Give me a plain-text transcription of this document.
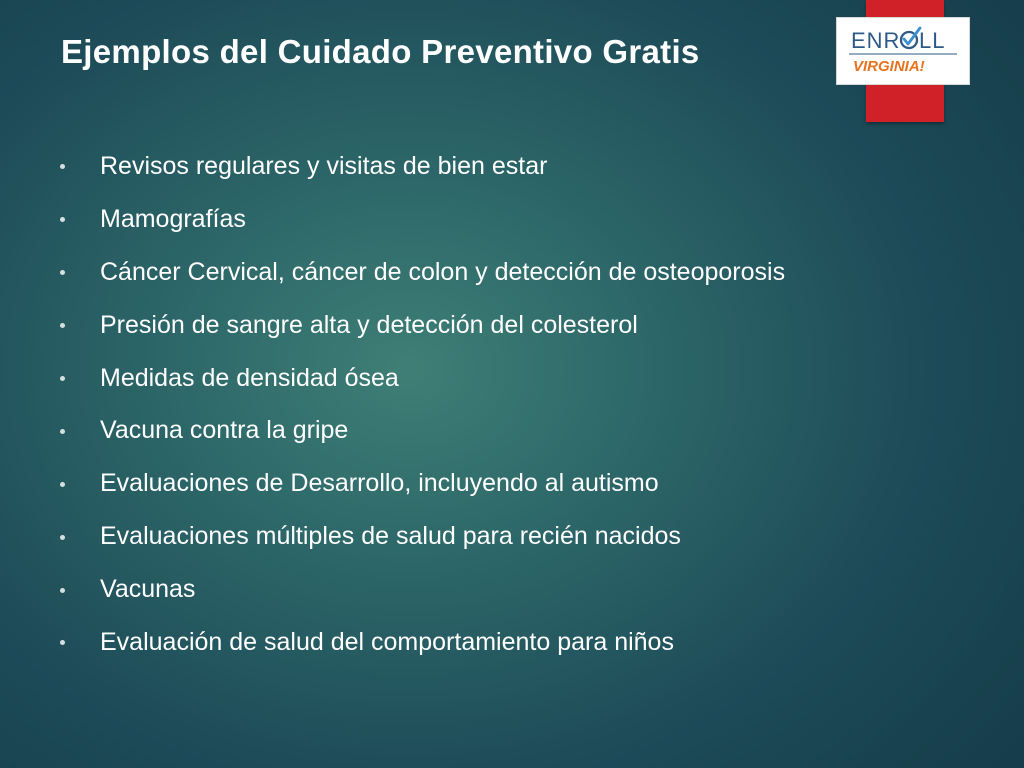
ENR LL
VIRGINIA!
Ejemplos del Cuidado Preventivo Gratis
Revisos regulares y visitas de bien estar
Mamografías
Cáncer Cervical, cáncer de colon y detección de osteoporosis
Presión de sangre alta y detección del colesterol
Medidas de densidad ósea
Vacuna contra la gripe
Evaluaciones de Desarrollo, incluyendo al autismo
Evaluaciones múltiples de salud para recién nacidos
Vacunas
Evaluación de salud del comportamiento para niños
